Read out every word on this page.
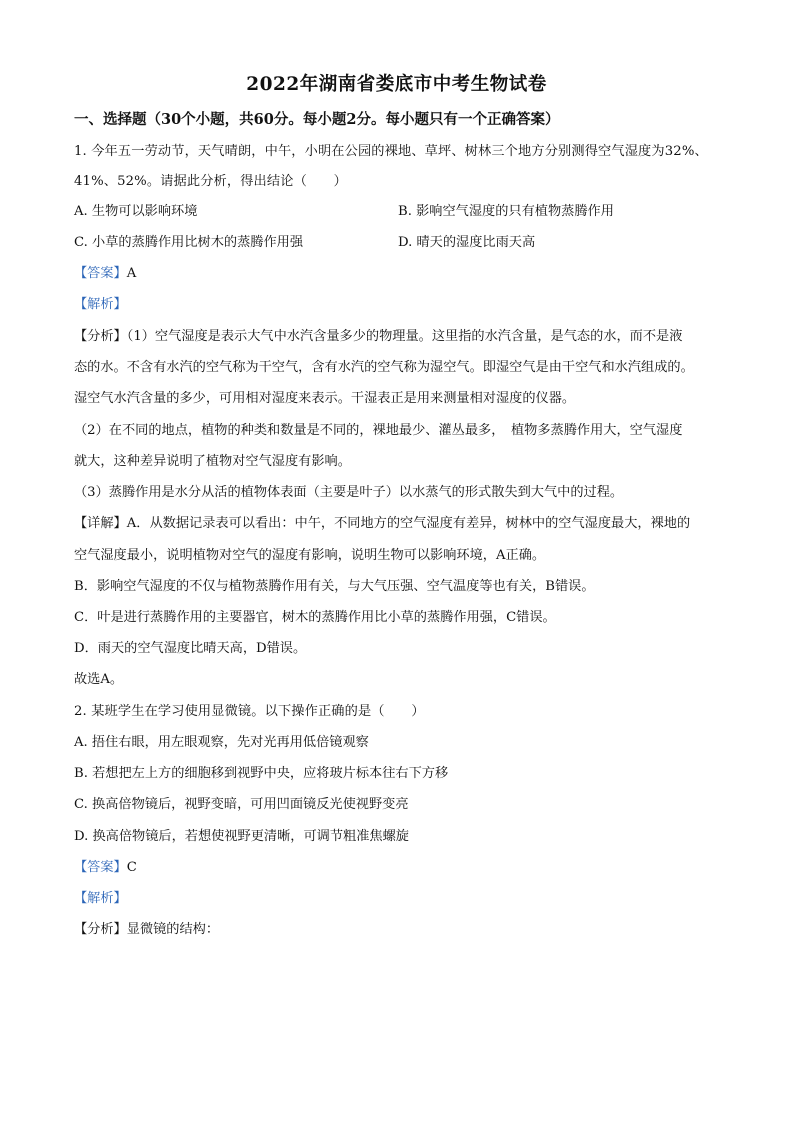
2022年湖南省娄底市中考生物试卷
一、选择题（30个小题，共60分。每小题2分。每小题只有一个正确答案）
1. 今年五一劳动节，天气晴朗，中午，小明在公园的裸地、草坪、树林三个地方分别测得空气湿度为32%、
41%、52%。请据此分析，得出结论（　　）
A. 生物可以影响环境	B. 影响空气湿度的只有植物蒸腾作用
C. 小草的蒸腾作用比树木的蒸腾作用强	D. 晴天的湿度比雨天高
【答案】A
【解析】
【分析】（1）空气湿度是表示大气中水汽含量多少的物理量。这里指的水汽含量，是气态的水，而不是液
态的水。不含有水汽的空气称为干空气，含有水汽的空气称为湿空气。即湿空气是由干空气和水汽组成的。
湿空气水汽含量的多少，可用相对湿度来表示。干湿表正是用来测量相对湿度的仪器。
（2）在不同的地点，植物的种类和数量是不同的，裸地最少、灌丛最多，　植物多蒸腾作用大，空气湿度
就大，这种差异说明了植物对空气湿度有影响。
（3）蒸腾作用是水分从活的植物体表面（主要是叶子）以水蒸气的形式散失到大气中的过程。
【详解】A．从数据记录表可以看出：中午，不同地方的空气湿度有差异，树林中的空气湿度最大，裸地的
空气湿度最小，说明植物对空气的湿度有影响，说明生物可以影响环境，A正确。
B．影响空气湿度的不仅与植物蒸腾作用有关，与大气压强、空气温度等也有关，B错误。
C．叶是进行蒸腾作用的主要器官，树木的蒸腾作用比小草的蒸腾作用强，C错误。
D．雨天的空气湿度比晴天高，D错误。
故选A。
2. 某班学生在学习使用显微镜。以下操作正确的是（　　）
A. 捂住右眼，用左眼观察，先对光再用低倍镜观察
B. 若想把左上方的细胞移到视野中央，应将玻片标本往右下方移
C. 换高倍物镜后，视野变暗，可用凹面镜反光使视野变亮
D. 换高倍物镜后，若想使视野更清晰，可调节粗准焦螺旋
【答案】C
【解析】
【分析】显微镜的结构：
